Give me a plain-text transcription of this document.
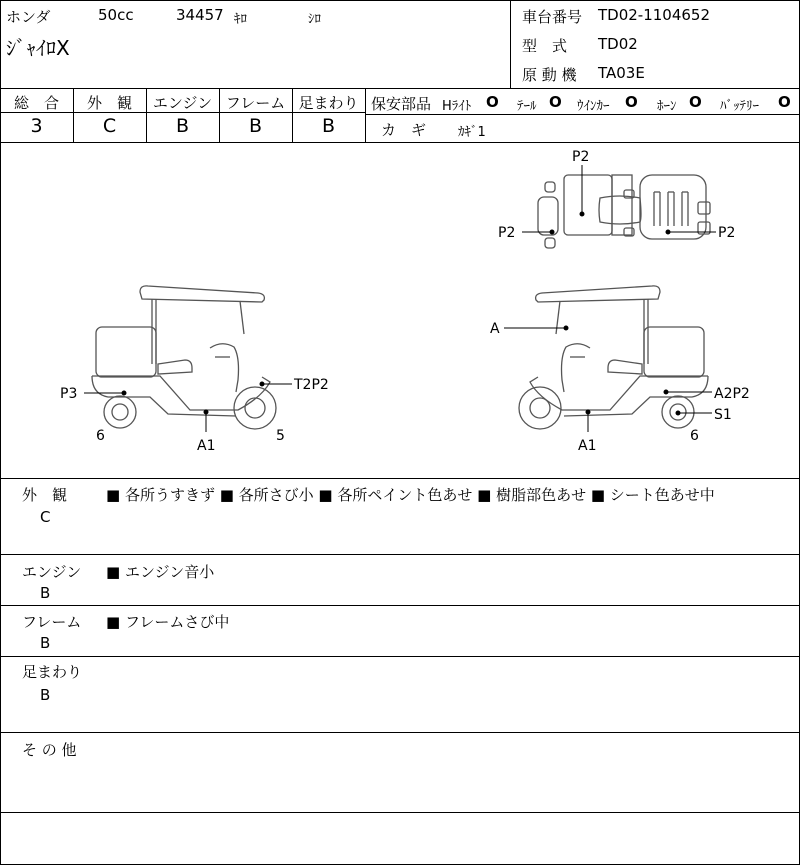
ホンダ	50cc	34457 ｷﾛ	ｼﾛ
ｼﾞｬｲﾛX
車台番号 TD02-1104652
型　式 TD02
原 動 機 TA03E
総　合	外　観	エンジン フレーム 足まわり
3	C	B	B	B
保安部品 Hﾗｲﾄ O ﾃｰﾙ O ｳｲﾝｶｰ O ﾎｰﾝ O ﾊﾞｯﾃﾘｰ O
カ　ギ ｶｷﾞ1
P3
T2P2
A1
6	5
P2
P2	P2
A
A2P2
S1
A1
6
外　観
C
■ 各所うすきず ■ 各所さび小 ■ 各所ペイント色あせ ■ 樹脂部色あせ ■ シート色あせ中
エンジン
B
■ エンジン音小
フレーム
B
■ フレームさび中
足まわり
B
そ の 他
